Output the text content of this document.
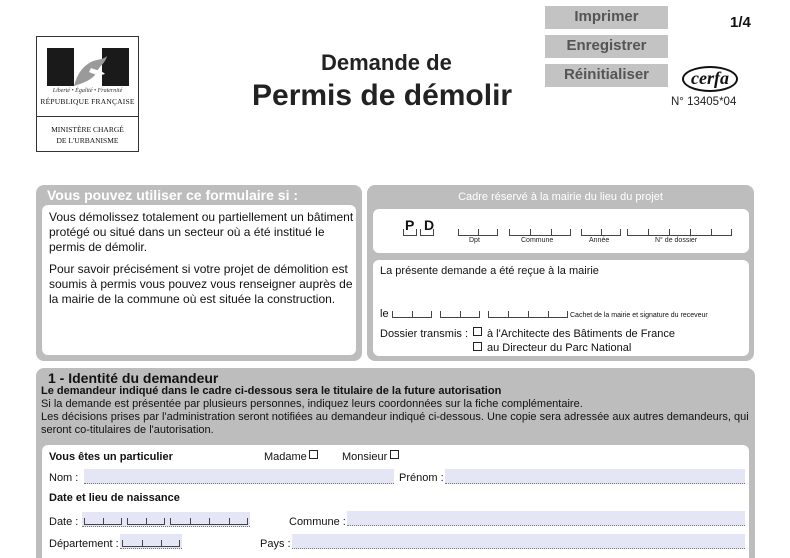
Imprimer
Enregistrer
Réinitialiser
1/4
Liberté • Égalité • Fraternité
RÉPUBLIQUE FRANÇAISE
MINISTÈRE CHARGÉ
DE L'URBANISME
Demande de
Permis de démolir
cerfa
N° 13405*04
Vous pouvez utiliser ce formulaire si :

Vous démolissez totalement ou partiellement un bâtiment protégé ou situé dans un secteur où a été institué le permis de démolir.

Pour savoir précisément si votre projet de démolition est soumis à permis vous pouvez vous renseigner auprès de la mairie de la commune où est située la construction.

Cadre réservé à la mairie du lieu du projet
P D
Dpt	Commune	Année	N° de dossier
La présente demande a été reçue à la mairie
le	Cachet de la mairie et signature du receveur
Dossier transmis : à l'Architecte des Bâtiments de France
au Directeur du Parc National
1 - Identité du demandeur
Le demandeur indiqué dans le cadre ci-dessous sera le titulaire de la future autorisation
Si la demande est présentée par plusieurs personnes, indiquez leurs coordonnées sur la fiche complémentaire.
Les décisions prises par l'administration seront notifiées au demandeur indiqué ci-dessous. Une copie sera adressée aux autres demandeurs, qui
seront co-titulaires de l'autorisation.
Vous êtes un particulier	Madame	Monsieur
Nom :	Prénom :
Date et lieu de naissance
Date :	Commune :
Département :	Pays :
